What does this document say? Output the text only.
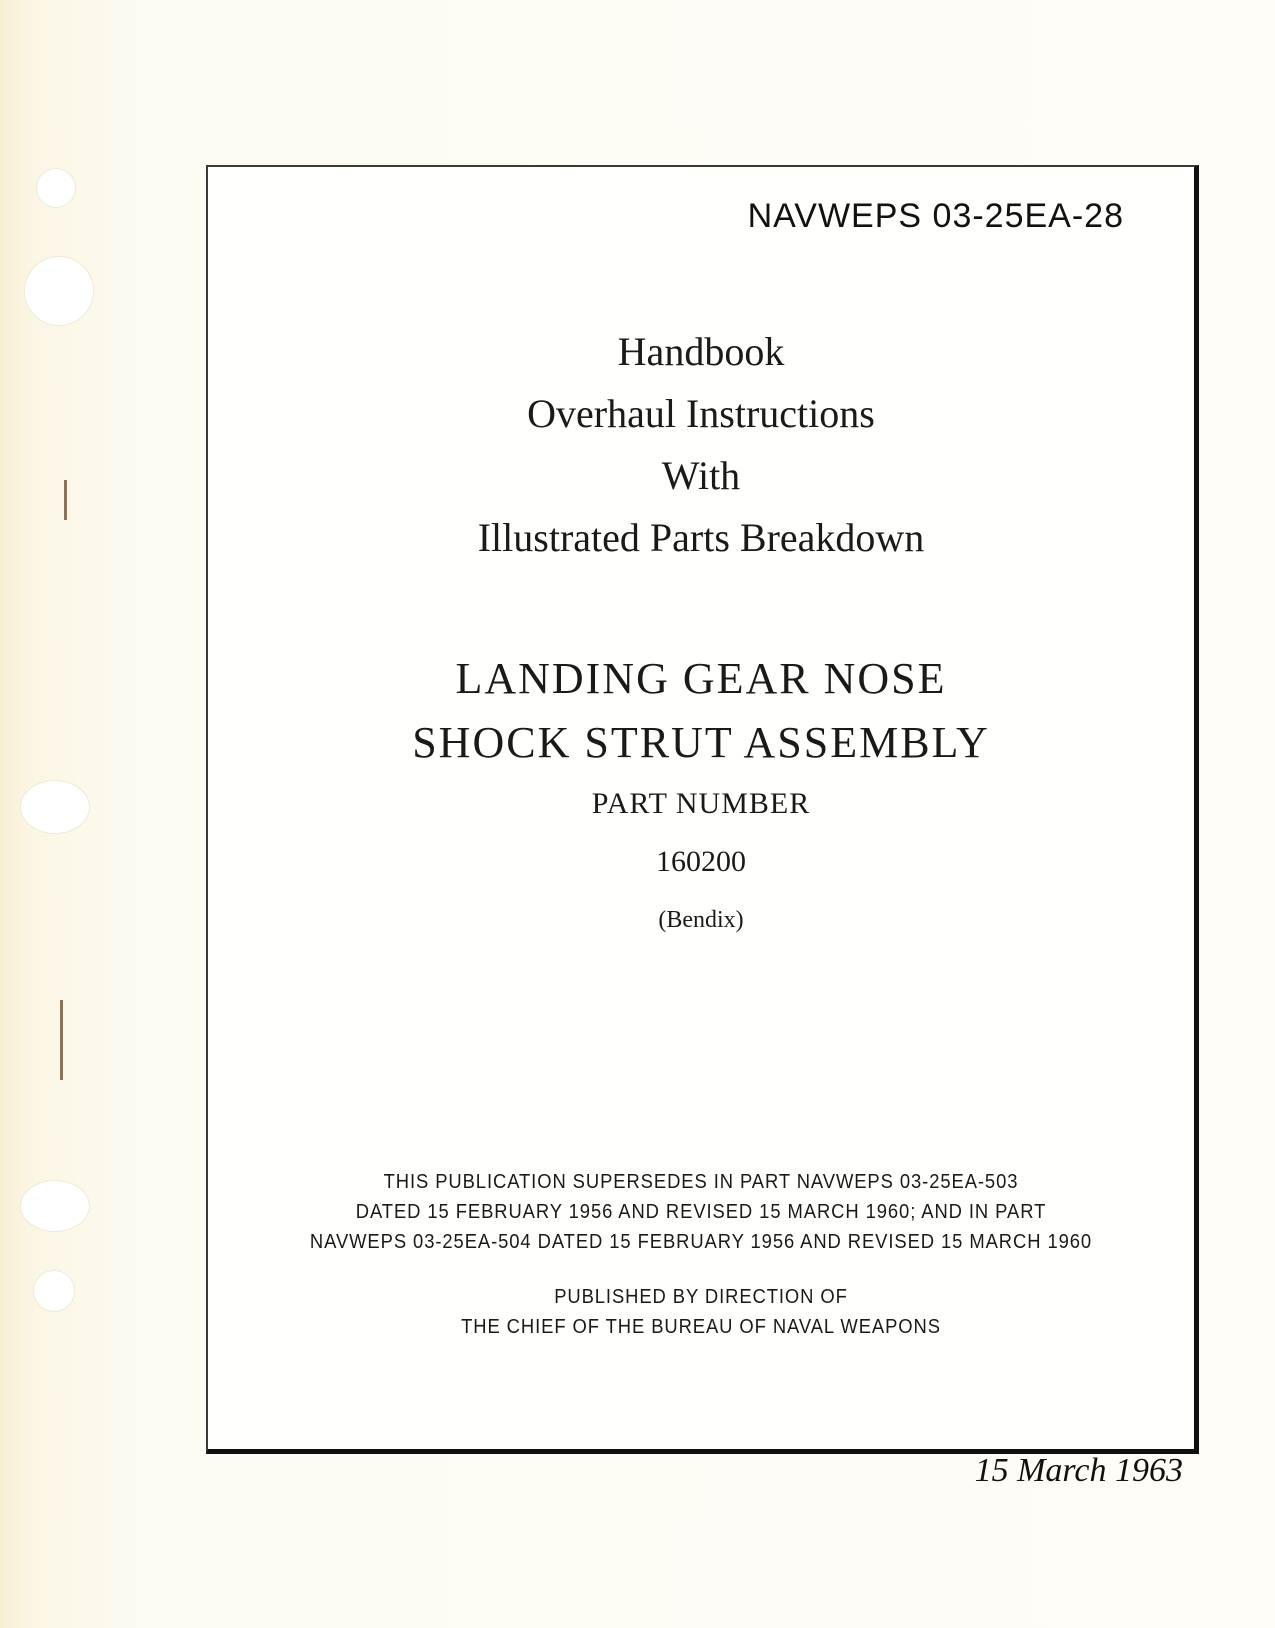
NAVWEPS 03-25EA-28
Handbook
Overhaul Instructions
With
Illustrated Parts Breakdown
LANDING GEAR NOSE
SHOCK STRUT ASSEMBLY
PART NUMBER
160200
(Bendix)
THIS PUBLICATION SUPERSEDES IN PART NAVWEPS 03-25EA-503
DATED 15 FEBRUARY 1956 AND REVISED 15 MARCH 1960; AND IN PART
NAVWEPS 03-25EA-504 DATED 15 FEBRUARY 1956 AND REVISED 15 MARCH 1960
PUBLISHED BY DIRECTION OF
THE CHIEF OF THE BUREAU OF NAVAL WEAPONS
15 March 1963
